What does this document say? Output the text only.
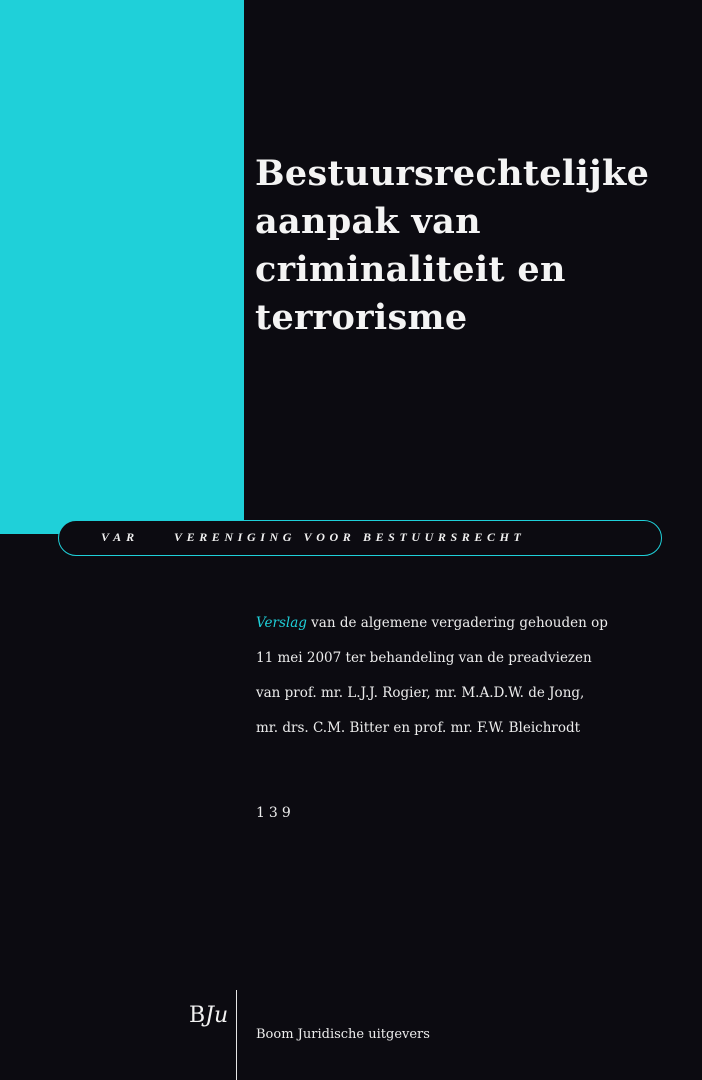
Bestuursrechtelijke
aanpak van
criminaliteit en
terrorisme
VAR	VERENIGING VOOR BESTUURSRECHT
Verslag van de algemene vergadering gehouden op
11 mei 2007 ter behandeling van de preadviezen
van prof. mr. L.J.J. Rogier, mr. M.A.D.W. de Jong,
mr. drs. C.M. Bitter en prof. mr. F.W. Bleichrodt
139
BJu
Boom Juridische uitgevers
